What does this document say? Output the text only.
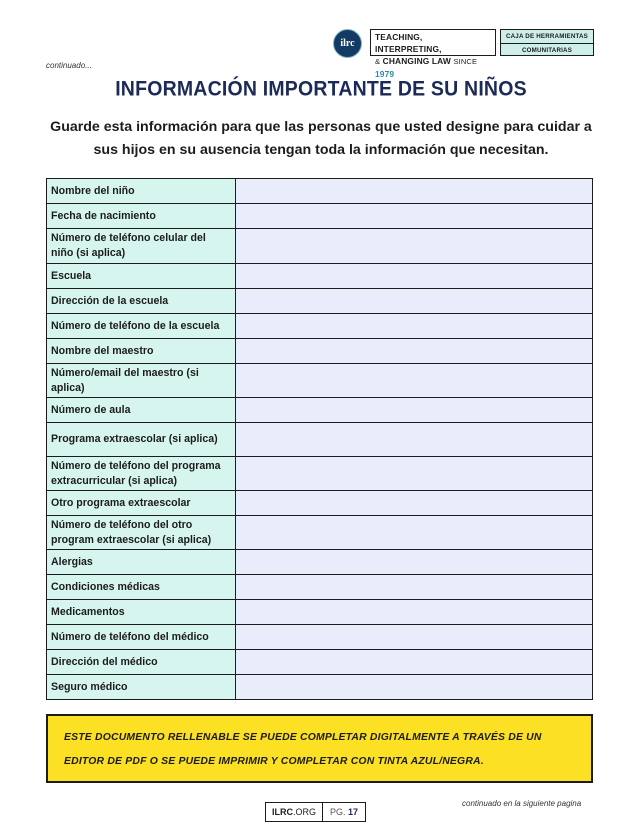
ilrc
TEACHING, INTERPRETING,
& CHANGING LAW SINCE 1979
CAJA DE HERRAMIENTAS
COMUNITARIAS
continuado...
INFORMACIÓN IMPORTANTE DE SU NIÑOS
Guarde esta información para que las personas que usted designe para cuidar a sus hijos en su ausencia tengan toda la información que necesitan.
Nombre del niño	
Fecha de nacimiento	
Número de teléfono celular del niño (si aplica)	
Escuela	
Dirección de la escuela	
Número de teléfono de la escuela	
Nombre del maestro	
Número/email del maestro (si aplica)	
Número de aula	
Programa extraescolar (si aplica)	
Número de teléfono del programa extracurricular (si aplica)	
Otro programa extraescolar	
Número de teléfono del otro program extraescolar (si aplica)	
Alergias	
Condiciones médicas	
Medicamentos	
Número de teléfono del médico	
Dirección del médico	
Seguro médico	
ESTE DOCUMENTO RELLENABLE SE PUEDE COMPLETAR DIGITALMENTE A TRAVÉS DE UN EDITOR DE PDF O SE PUEDE IMPRIMIR Y COMPLETAR CON TINTA AZUL/NEGRA.
ILRC.ORG	PG. 17
continuado en la siguiente pagina
